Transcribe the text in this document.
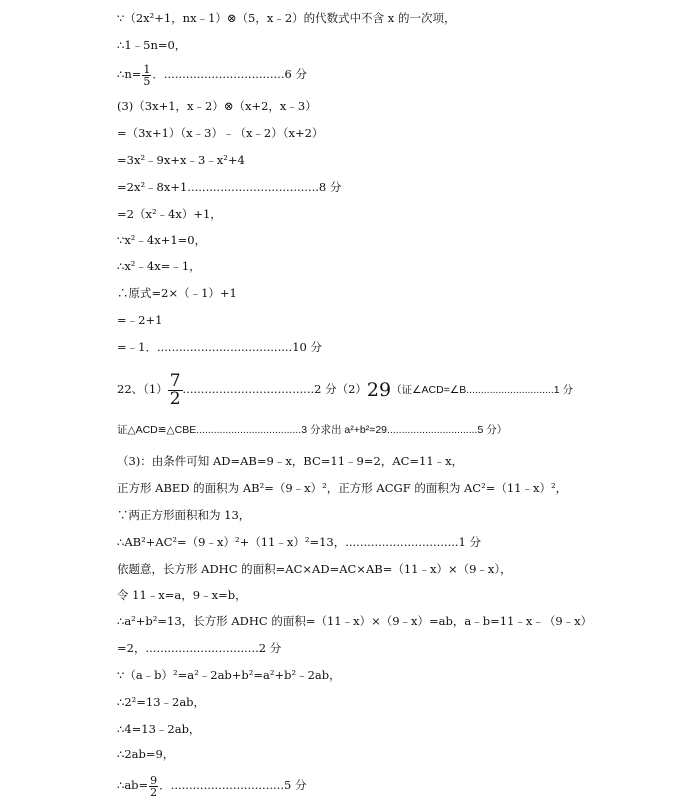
∵（2x²+1，nx﹣1）⊗（5，x﹣2）的代数式中不含 x 的一次项，
∴1﹣5n=0，
∴n= $\frac{1}{5}$ ．.................................6 分
(3)（3x+1，x﹣2）⊗（x+2，x﹣3）
=（3x+1）（x﹣3）﹣（x﹣2）（x+2）
=3x²﹣9x+x﹣3﹣x²+4
=2x²﹣8x+1....................................8 分
=2（x²﹣4x）+1，
∵x²﹣4x+1=0，
∴x²﹣4x=﹣1，
∴原式=2×（﹣1）+1
=﹣2+1
=﹣1．.....................................10 分
22、$(1) \frac{7}{2} ....................................2$ 分（2）29（证∠ACD=∠B..............................1 分
证△ACD≌△CBE....................................3 分求出 a²+b²=29...............................5 分）
（3)：由条件可知 AD=AB=9﹣x，BC=11﹣9=2，AC=11﹣x，
正方形 ABED 的面积为 AB²=（9﹣x）²，正方形 ACGF 的面积为 AC²=（11﹣x）²，
∵两正方形面积和为 13，
∴AB²+AC²=（9﹣x）²+（11﹣x）²=13，...............................1 分
依题意，长方形 ADHC 的面积=AC×AD=AC×AB=（11﹣x）×（9﹣x），
令 11﹣x=a，9﹣x=b，
∴a²+b²=13，长方形 ADHC 的面积=（11﹣x）×（9﹣x）=ab，a﹣b=11﹣x﹣（9﹣x）
=2，...............................2 分
∵（a﹣b）²=a²﹣2ab+b²=a²+b²﹣2ab，
∴2²=13﹣2ab，
∴4=13﹣2ab，
∴2ab=9，
∴ab= $\frac{9}{2}$ ．...............................5 分
